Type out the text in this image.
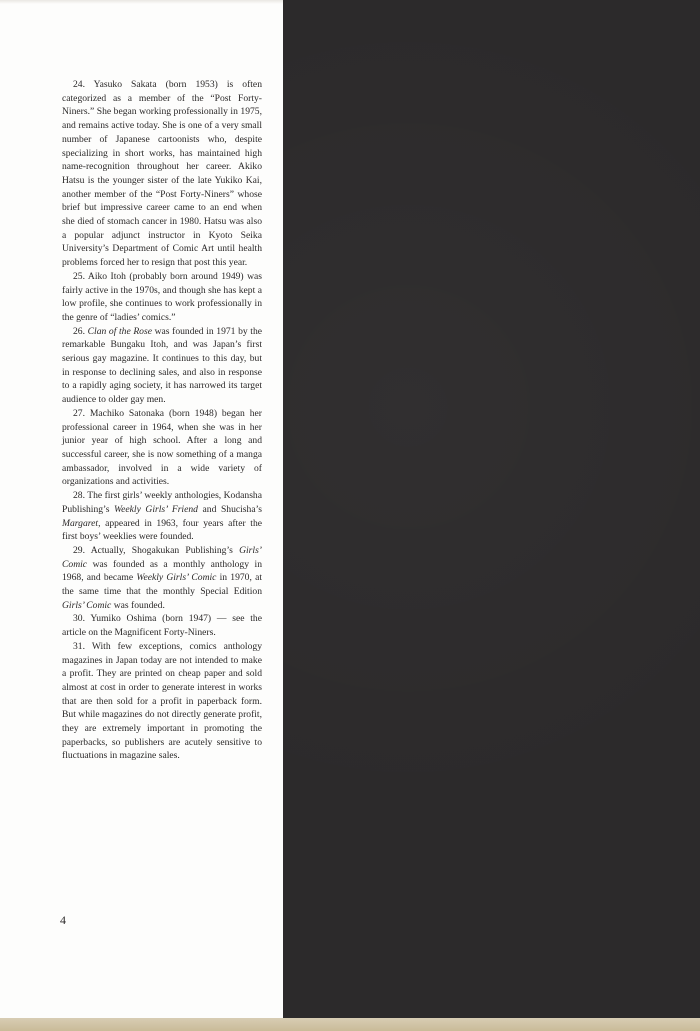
24. Yasuko Sakata (born 1953) is often categorized as a member of the “Post Forty-Niners.” She began working professionally in 1975, and remains active today. She is one of a very small number of Japanese cartoonists who, despite specializing in short works, has maintained high name-recognition throughout her career. Akiko Hatsu is the younger sister of the late Yukiko Kai, another member of the “Post Forty-Niners” whose brief but impressive career came to an end when she died of stomach cancer in 1980. Hatsu was also a popular adjunct instructor in Kyoto Seika University’s Department of Comic Art until health problems forced her to resign that post this year.

25. Aiko Itoh (probably born around 1949) was fairly active in the 1970s, and though she has kept a low profile, she continues to work professionally in the genre of “ladies’ comics.”

26. Clan of the Rose was founded in 1971 by the remarkable Bungaku Itoh, and was Japan’s first serious gay magazine. It continues to this day, but in response to declining sales, and also in response to a rapidly aging society, it has narrowed its target audience to older gay men.

27. Machiko Satonaka (born 1948) began her professional career in 1964, when she was in her junior year of high school. After a long and successful career, she is now something of a manga ambassador, involved in a wide variety of organizations and activities.

28. The first girls’ weekly anthologies, Kodansha Publishing’s Weekly Girls’ Friend and Shucisha’s Margaret, appeared in 1963, four years after the first boys’ weeklies were founded.

29. Actually, Shogakukan Publishing’s Girls’ Comic was founded as a monthly anthology in 1968, and became Weekly Girls’ Comic in 1970, at the same time that the monthly Special Edition Girls’ Comic was founded.

30. Yumiko Oshima (born 1947) — see the article on the Magnificent Forty-Niners.

31. With few exceptions, comics anthology magazines in Japan today are not intended to make a profit. They are printed on cheap paper and sold almost at cost in order to generate interest in works that are then sold for a profit in paperback form. But while magazines do not directly generate profit, they are extremely important in promoting the paperbacks, so publishers are acutely sensitive to fluctuations in magazine sales.

4
